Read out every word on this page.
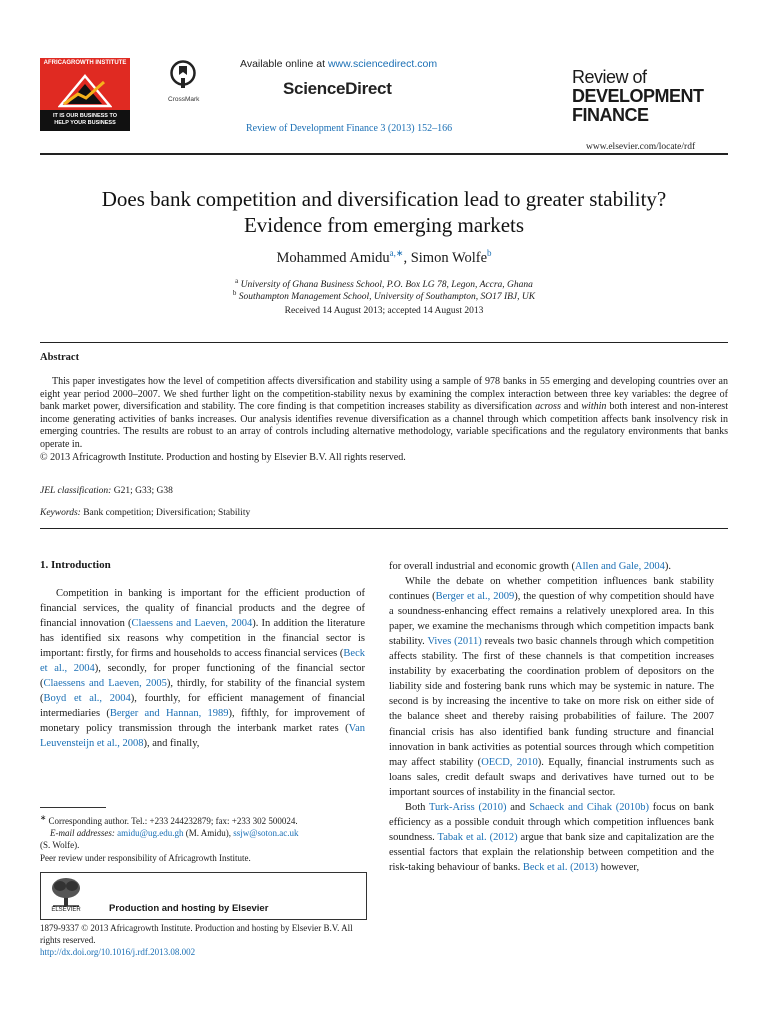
AFRICAGROWTH INSTITUTE
IT IS OUR BUSINESS TO
HELP YOUR BUSINESS
CrossMark
Available online at www.sciencedirect.com
ScienceDirect
Review of Development Finance 3 (2013) 152–166
Review of
DEVELOPMENT
FINANCE
www.elsevier.com/locate/rdf
Does bank competition and diversification lead to greater stability?
Evidence from emerging markets
Mohammed Amidu$^{a,∗}$, Simon Wolfe$^b$
$^a$ University of Ghana Business School, P.O. Box LG 78, Legon, Accra, Ghana
$^b$ Southampton Management School, University of Southampton, SO17 IBJ, UK
Received 14 August 2013; accepted 14 August 2013
Abstract

This paper investigates how the level of competition affects diversification and stability using a sample of 978 banks in 55 emerging and developing countries over an eight year period 2000–2007. We shed further light on the competition-stability nexus by examining the complex interaction between three key variables: the degree of bank market power, diversification and stability. The core finding is that competition increases stability as diversification across and within both interest and non-interest income generating activities of banks increases. Our analysis identifies revenue diversification as a channel through which competition affects bank insolvency risk in emerging countries. The results are robust to an array of controls including alternative methodology, variable specifications and the regulatory environments that banks operate in.

© 2013 Africagrowth Institute. Production and hosting by Elsevier B.V. All rights reserved.

JEL classification: G21; G33; G38
Keywords: Bank competition; Diversification; Stability
1. Introduction

Competition in banking is important for the efficient production of financial services, the quality of financial products and the degree of financial innovation (Claessens and Laeven, 2004). In addition the literature has identified six reasons why competition in the financial sector is important: firstly, for firms and households to access financial services (Beck et al., 2004), secondly, for proper functioning of the financial sector (Claessens and Laeven, 2005), thirdly, for stability of the financial system (Boyd et al., 2004), fourthly, for efficient management of financial intermediaries (Berger and Hannan, 1989), fifthly, for improvement of monetary policy transmission through the interbank market rates (Van Leuvensteijn et al., 2008), and finally,

∗ Corresponding author. Tel.: +233 244232879; fax: +233 302 500024.
E-mail addresses: amidu@ug.edu.gh (M. Amidu), ssjw@soton.ac.uk
(S. Wolfe).
Peer review under responsibility of Africagrowth Institute.
ELSEVIER	Production and hosting by Elsevier
1879-9337 © 2013 Africagrowth Institute. Production and hosting by Elsevier B.V. All rights reserved.
http://dx.doi.org/10.1016/j.rdf.2013.08.002

for overall industrial and economic growth (Allen and Gale, 2004).

While the debate on whether competition influences bank stability continues (Berger et al., 2009), the question of why competition should have a soundness-enhancing effect remains a relatively unexplored area. In this paper, we examine the mechanisms through which competition impacts bank stability. Vives (2011) reveals two basic channels through which competition affects stability. The first of these channels is that competition increases instability by exacerbating the coordination problem of depositors on the liability side and fostering bank runs which may be systemic in nature. The second is by increasing the incentive to take on more risk on either side of the balance sheet and thereby raising probabilities of failure. The 2007 financial crisis has also identified bank funding structure and financial innovation in bank activities as potential sources through which competition may affect stability (OECD, 2010). Equally, financial instruments such as loans sales, credit default swaps and derivatives have turned out to be important sources of instability in the financial sector.

Both Turk-Ariss (2010) and Schaeck and Cihak (2010b) focus on bank efficiency as a possible conduit through which competition influences bank soundness. Tabak et al. (2012) argue that bank size and capitalization are the essential factors that explain the relationship between competition and the risk-taking behaviour of banks. Beck et al. (2013) however,
